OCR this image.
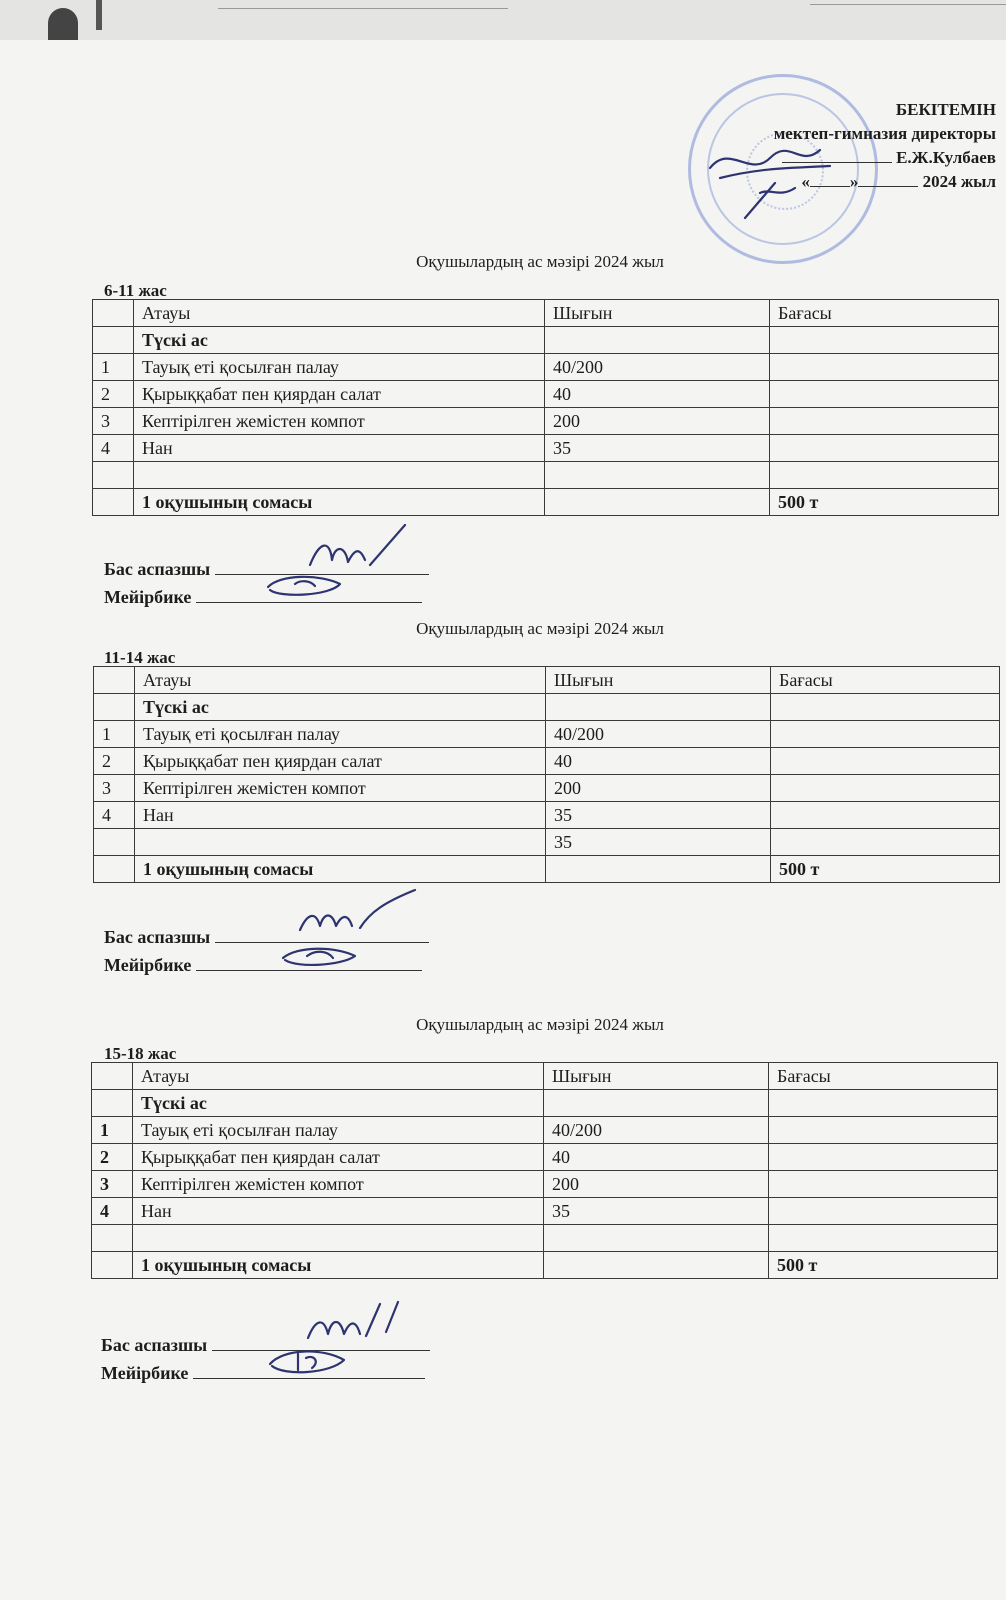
БЕКІТЕМІН
мектеп-гимназия директоры
Е.Ж.Кулбаев
« »	2024 жыл
Оқушылардың ас мәзірі 2024 жыл
6-11 жас
	Атауы	Шығын	Бағасы
	Түскі ас		
1	Тауық еті қосылған палау	40/200	
2	Қырыққабат пен қиярдан салат	40	
3	Кептірілген жемістен компот	200	
4	Нан	35	

	1 оқушының сомасы		500 т
Бас аспазшы
Мейірбике
Оқушылардың ас мәзірі 2024 жыл
11-14 жас
	Атауы	Шығын	Бағасы
	Түскі ас		
1	Тауық еті қосылған палау	40/200	
2	Қырыққабат пен қиярдан салат	40	
3	Кептірілген жемістен компот	200	
4	Нан	35	
		35	
	1 оқушының сомасы		500 т
Бас аспазшы
Мейірбике
Оқушылардың ас мәзірі 2024 жыл
15-18 жас
	Атауы	Шығын	Бағасы
	Түскі ас		
1	Тауық еті қосылған палау	40/200	
2	Қырыққабат пен қиярдан салат	40	
3	Кептірілген жемістен компот	200	
4	Нан	35	

	1 оқушының сомасы		500 т
Бас аспазшы
Мейірбике
